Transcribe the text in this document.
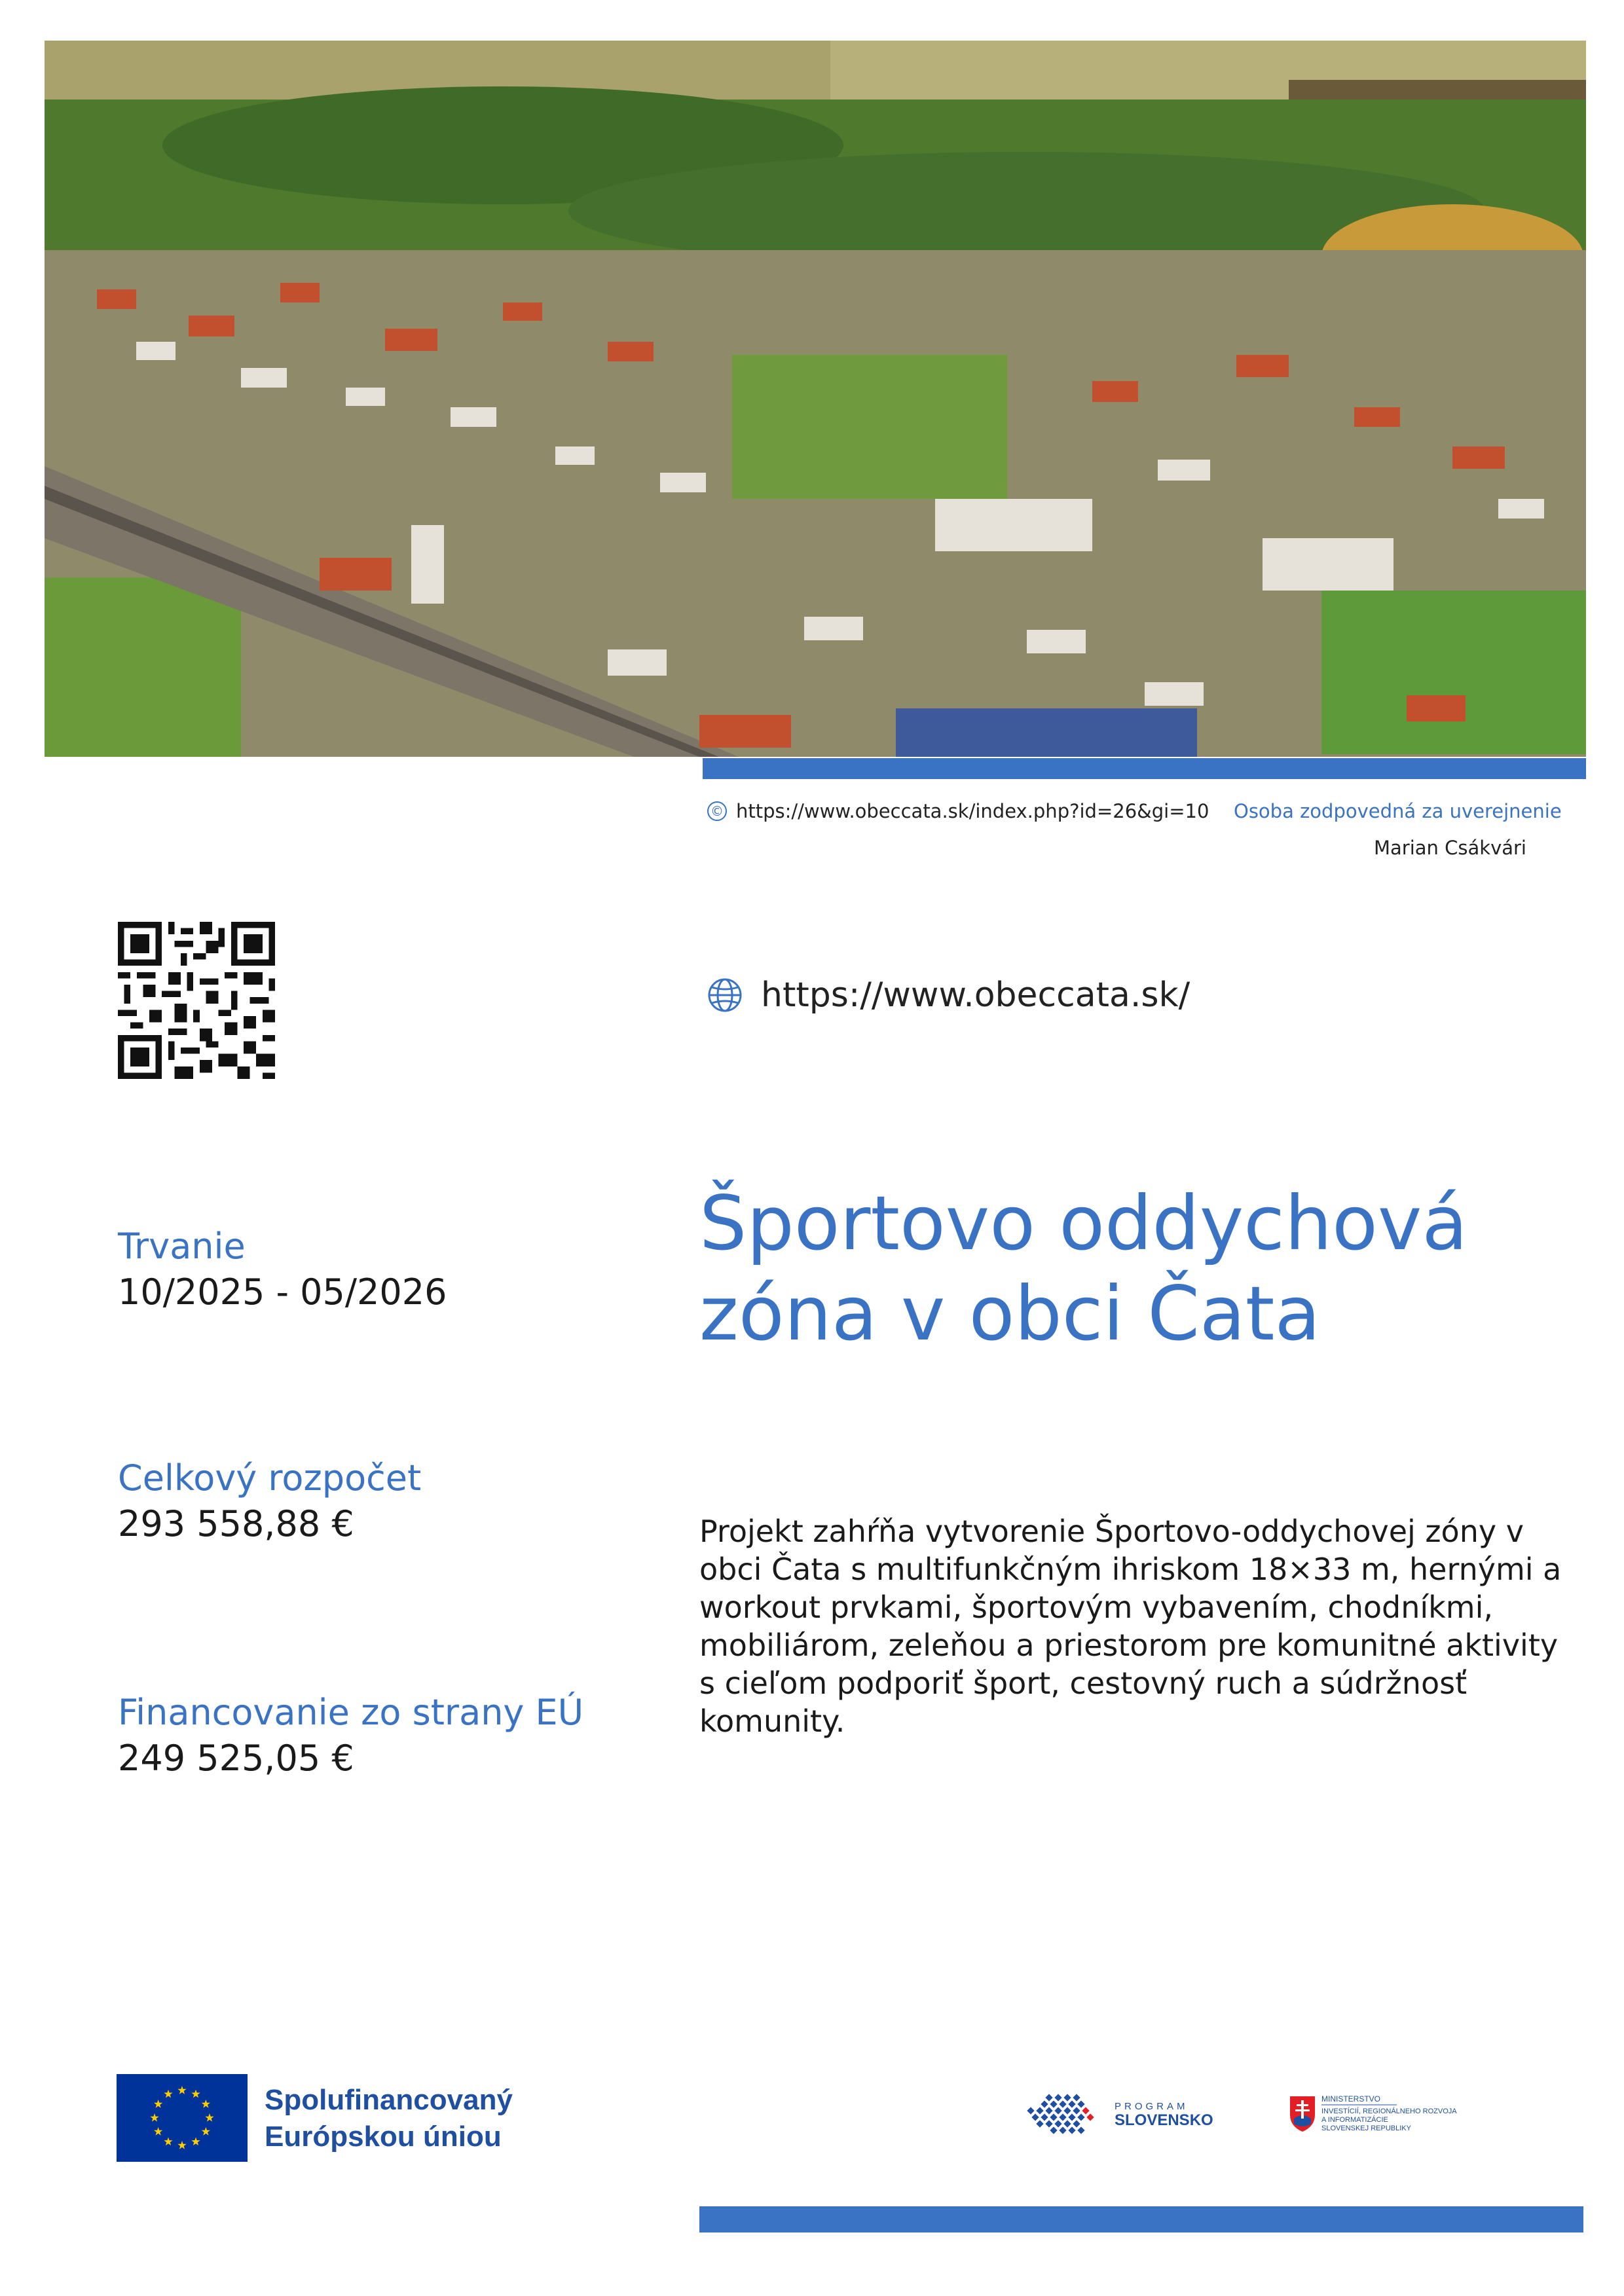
© https://www.obeccata.sk/index.php?id=26&gi=10 Osoba zodpovedná za uverejnenie
Marian Csákvári
https://www.obeccata.sk/
Trvanie
10/2025 - 05/2026
Celkový rozpočet
293 558,88 €
Financovanie zo strany EÚ
249 525,05 €
Športovo oddychová
zóna v obci Čata

Projekt zahŕňa vytvorenie Športovo-oddychovej zóny v obci Čata s multifunkčným ihriskom 18×33 m, hernými a workout prvkami, športovým vybavením, chodníkmi, mobiliárom, zeleňou a priestorom pre komunitné aktivity s cieľom podporiť šport, cestovný ruch a súdržnosť komunity.

Spolufinancovaný
Európskou úniou
PROGRAM
SLOVENSKO
MINISTERSTVO
INVESTÍCIÍ, REGIONÁLNEHO ROZVOJA
A INFORMATIZÁCIE
SLOVENSKEJ REPUBLIKY
